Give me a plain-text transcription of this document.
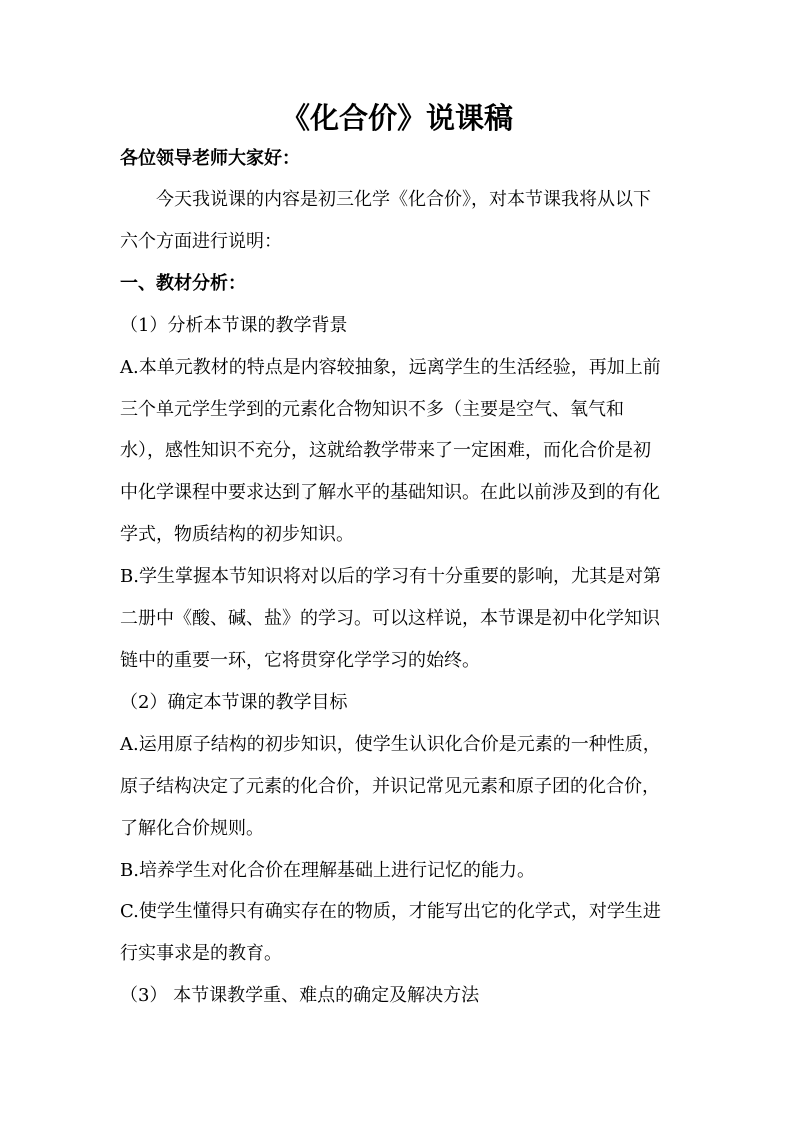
《化合价》说课稿
各位领导老师大家好：
今天我说课的内容是初三化学《化合价》，对本节课我将从以下
六个方面进行说明：
一、教材分析：
（1）分析本节课的教学背景
A.本单元教材的特点是内容较抽象，远离学生的生活经验，再加上前
三个单元学生学到的元素化合物知识不多（主要是空气、氧气和
水），感性知识不充分，这就给教学带来了一定困难，而化合价是初
中化学课程中要求达到了解水平的基础知识。在此以前涉及到的有化
学式，物质结构的初步知识。
B.学生掌握本节知识将对以后的学习有十分重要的影响，尤其是对第
二册中《酸、碱、盐》的学习。可以这样说，本节课是初中化学知识
链中的重要一环，它将贯穿化学学习的始终。
（2）确定本节课的教学目标
A.运用原子结构的初步知识，使学生认识化合价是元素的一种性质，
原子结构决定了元素的化合价，并识记常见元素和原子团的化合价，
了解化合价规则。
B.培养学生对化合价在理解基础上进行记忆的能力。
C.使学生懂得只有确实存在的物质，才能写出它的化学式，对学生进
行实事求是的教育。
（3） 本节课教学重、难点的确定及解决方法
